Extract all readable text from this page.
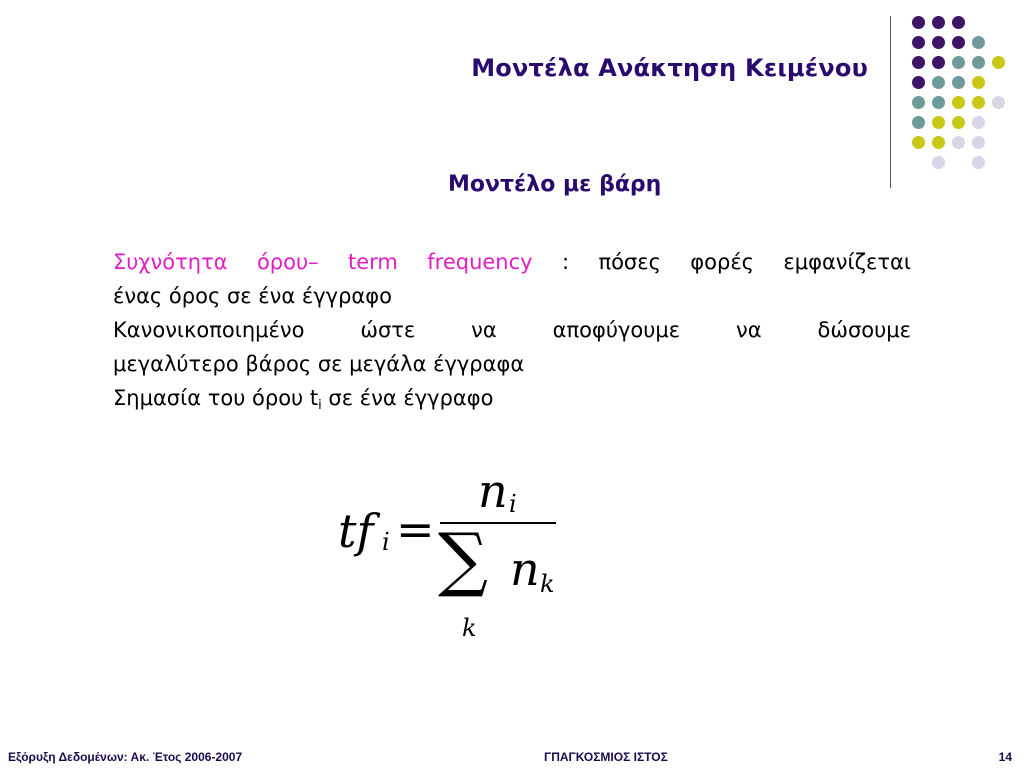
Μοντέλα Ανάκτηση Κειμένου
Μοντέλο με βάρη
Συχνότητα όρου– term frequency : πόσες φορές εμφανίζεται
ένας όρος σε ένα έγγραφο
Κανονικοποιημένο	ώστε	να	αποφύγουμε	να	δώσουμε
μεγαλύτερο βάρος σε μεγάλα έγγραφα
Σημασία του όρου $t_i$ σε ένα έγγραφο
tf i =
n i
∑ n k
k
Εξόρυξη Δεδομένων: Ακ. Έτος 2006-2007	ΓΠΑΓΚΟΣΜΙΟΣ ΙΣΤΟΣ	14
